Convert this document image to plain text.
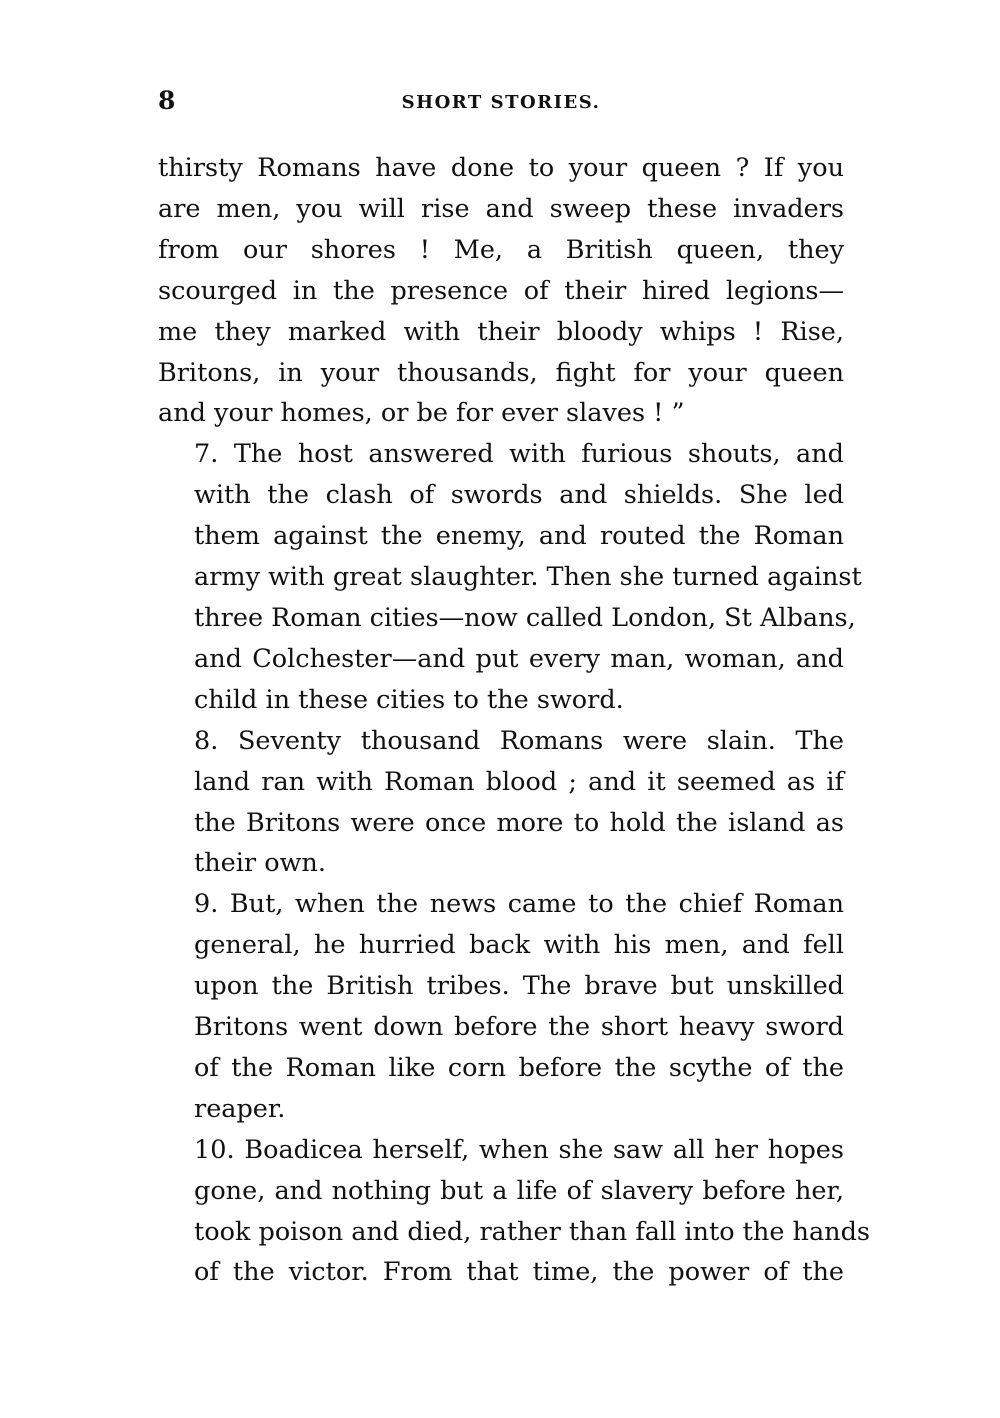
8	SHORT STORIES.

thirsty Romans have done to your queen ? If you
are men, you will rise and sweep these invaders
from our shores ! Me, a British queen, they
scourged in the presence of their hired legions—
me they marked with their bloody whips ! Rise,
Britons, in your thousands, fight for your queen
and your homes, or be for ever slaves ! ”

7. The host answered with furious shouts, and
with the clash of swords and shields. She led
them against the enemy, and routed the Roman
army with great slaughter. Then she turned against
three Roman cities—now called London, St Albans,
and Colchester—and put every man, woman, and
child in these cities to the sword.

8. Seventy thousand Romans were slain. The
land ran with Roman blood ; and it seemed as if
the Britons were once more to hold the island as
their own.

9. But, when the news came to the chief Roman
general, he hurried back with his men, and fell
upon the British tribes. The brave but unskilled
Britons went down before the short heavy sword
of the Roman like corn before the scythe of the
reaper.

10. Boadicea herself, when she saw all her hopes
gone, and nothing but a life of slavery before her,
took poison and died, rather than fall into the hands
of the victor. From that time, the power of the
